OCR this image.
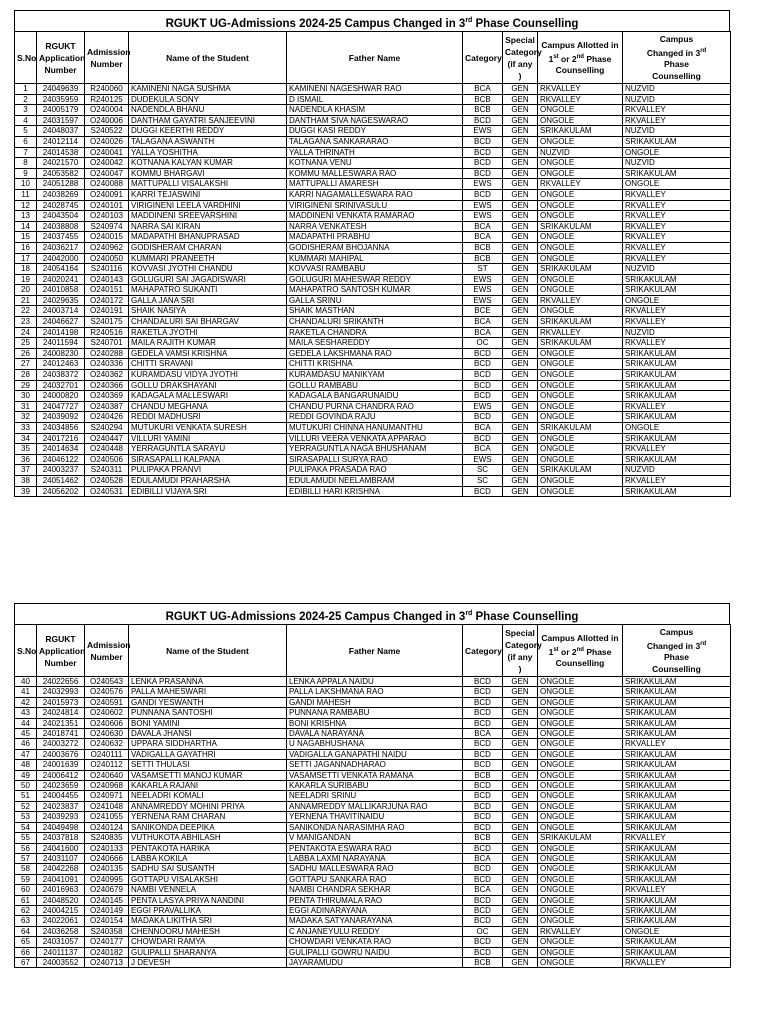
RGUKT UG-Admissions 2024-25 Campus Changed in 3rd Phase Counselling
S.No	RGUKT
Application
Number	Admission
Number	Name of the Student	Father Name	Category	Special
Category
(if any )	Campus Allotted in
1st or 2nd Phase
Counselling	Campus
Changed in 3rd
Phase
Counselling

1	24049639	R240060	KAMINENI NAGA SUSHMA	KAMINENI NAGESHWAR RAO	BCA	GEN	RKVALLEY	NUZVID
2	24035959	R240125	DUDEKULA SONY	D ISMAIL	BCB	GEN	RKVALLEY	NUZVID
3	24005179	O240004	NADENDLA BHANU	NADENDLA KHASIM	BCB	GEN	ONGOLE	RKVALLEY
4	24031597	O240006	DANTHAM GAYATRI SANJEEVINI	DANTHAM SIVA NAGESWARAO	BCD	GEN	ONGOLE	RKVALLEY
5	24048037	S240522	DUGGI KEERTHI REDDY	DUGGI KASI REDDY	EWS	GEN	SRIKAKULAM	NUZVID
6	24012114	O240026	TALAGANA ASWANTH	TALAGANA SANKARARAO	BCD	GEN	ONGOLE	SRIKAKULAM
7	24014538	O240041	YALLA YOSHITHA	YALLA THRINATH	BCD	GEN	NUZVID	ONGOLE
8	24021570	O240042	KOTNANA KALYAN KUMAR	KOTNANA VENU	BCD	GEN	ONGOLE	NUZVID
9	24053582	O240047	KOMMU BHARGAVI	KOMMU MALLESWARA RAO	BCD	GEN	ONGOLE	SRIKAKULAM
10	24051288	O240088	MATTUPALLI VISALAKSHI	MATTUPALLI AMARESH	EWS	GEN	RKVALLEY	ONGOLE
11	24038269	O240091	KARRI TEJASWINI	KARRI NAGAMALLESWARA RAO	BCD	GEN	ONGOLE	RKVALLEY
12	24028745	O240101	VIRIGINENI LEELA VARDHINI	VIRIGINENI SRINIVASULU	EWS	GEN	ONGOLE	RKVALLEY
13	24043504	O240103	MADDINENI SREEVARSHINI	MADDINENI VENKATA RAMARAO	EWS	GEN	ONGOLE	RKVALLEY
14	24038808	S240974	NARRA SAI KIRAN	NARRA VENKATESH	BCA	GEN	SRIKAKULAM	RKVALLEY
15	24037455	O240015	MADAPATHI BHANUPRASAD	MADAPATHI PRABHU	BCA	GEN	ONGOLE	RKVALLEY
16	24036217	O240962	GODISHERAM CHARAN	GODISHERAM BHOJANNA	BCB	GEN	ONGOLE	RKVALLEY
17	24042000	O240050	KUMMARI PRANEETH	KUMMARI MAHIPAL	BCB	GEN	ONGOLE	RKVALLEY
18	24054164	S240116	KOVVASI JYOTHI CHANDU	KOVVASI RAMBABU	ST	GEN	SRIKAKULAM	NUZVID
19	24020241	O240143	GOLUGURI SAI JAGADISWARI	GOLUGURI MAHESWAR REDDY	EWS	GEN	ONGOLE	SRIKAKULAM
20	24010858	O240151	MAHAPATRO SUKANTI	MAHAPATRO SANTOSH KUMAR	EWS	GEN	ONGOLE	SRIKAKULAM
21	24029635	O240172	GALLA JANA SRI	GALLA SRINU	EWS	GEN	RKVALLEY	ONGOLE
22	24003714	O240191	SHAIK NASIYA	SHAIK MASTHAN	BCE	GEN	ONGOLE	RKVALLEY
23	24046627	S240175	CHANDALURI SAI BHARGAV	CHANDALURI SRIKANTH	BCA	GEN	SRIKAKULAM	RKVALLEY
24	24014198	R240516	RAKETLA JYOTHI	RAKETLA CHANDRA	BCA	GEN	RKVALLEY	NUZVID
25	24011594	S240701	MAILA RAJITH KUMAR	MAILA SESHAREDDY	OC	GEN	SRIKAKULAM	RKVALLEY
26	24008230	O240288	GEDELA VAMSI KRISHNA	GEDELA LAKSHMANA RAO	BCD	GEN	ONGOLE	SRIKAKULAM
27	24012463	O240336	CHITTI SRAVANI	CHITTI KRISHNA	BCD	GEN	ONGOLE	SRIKAKULAM
28	24038372	O240362	KURAMDASU VIDYA JYOTHI	KURAMDASU MANIKYAM	BCD	GEN	ONGOLE	SRIKAKULAM
29	24032701	O240366	GOLLU DRAKSHAYANI	GOLLU RAMBABU	BCD	GEN	ONGOLE	SRIKAKULAM
30	24000820	O240369	KADAGALA MALLESWARI	KADAGALA BANGARUNAIDU	BCD	GEN	ONGOLE	SRIKAKULAM
31	24047727	O240387	CHANDU MEGHANA	CHANDU PURNA CHANDRA RAO	EWS	GEN	ONGOLE	RKVALLEY
32	24039092	O240426	REDDI MADHUSRI	REDDI GOVINDA RAJU	BCD	GEN	ONGOLE	SRIKAKULAM
33	24034856	S240294	MUTUKURI VENKATA SURESH	MUTUKURI CHINNA HANUMANTHU	BCA	GEN	SRIKAKULAM	ONGOLE
34	24017216	O240447	VILLURI YAMINI	VILLURI VEERA VENKATA APPARAO	BCD	GEN	ONGOLE	SRIKAKULAM
35	24014634	O240448	YERRAGUNTLA SARAYU	YERRAGUNTLA NAGA BHUSHANAM	BCA	GEN	ONGOLE	RKVALLEY
36	24046122	O240506	SIRASAPALLI KALPANA	SIRASAPALLI SURYA RAO	EWS	GEN	ONGOLE	SRIKAKULAM
37	24003237	S240311	PULIPAKA PRANVI	PULIPAKA PRASADA RAO	SC	GEN	SRIKAKULAM	NUZVID
38	24051462	O240528	EDULAMUDI PRAHARSHA	EDULAMUDI NEELAMBRAM	SC	GEN	ONGOLE	RKVALLEY
39	24056202	O240531	EDIBILLI VIJAYA SRI	EDIBILLI HARI KRISHNA	BCD	GEN	ONGOLE	SRIKAKULAM
RGUKT UG-Admissions 2024-25 Campus Changed in 3rd Phase Counselling
S.No	RGUKT
Application
Number	Admission
Number	Name of the Student	Father Name	Category	Special
Category
(if any )	Campus Allotted in
1st or 2nd Phase
Counselling	Campus
Changed in 3rd
Phase
Counselling

40	24022656	O240543	LENKA PRASANNA	LENKA APPALA NAIDU	BCD	GEN	ONGOLE	SRIKAKULAM
41	24032993	O240576	PALLA MAHESWARI	PALLA LAKSHMANA RAO	BCD	GEN	ONGOLE	SRIKAKULAM
42	24015973	O240591	GANDI YESWANTH	GANDI MAHESH	BCD	GEN	ONGOLE	SRIKAKULAM
43	24024814	O240602	PUNNANA SANTOSHI	PUNNANA RAMBABU	BCD	GEN	ONGOLE	SRIKAKULAM
44	24021351	O240606	BONI YAMINI	BONI KRISHNA	BCD	GEN	ONGOLE	SRIKAKULAM
45	24018741	O240630	DAVALA JHANSI	DAVALA NARAYANA	BCA	GEN	ONGOLE	SRIKAKULAM
46	24003272	O240632	UPPARA SIDDHARTHA	U NAGABHUSHANA	BCD	GEN	ONGOLE	RKVALLEY
47	24003676	O240111	VADIGALLA GAYATHRI	VADIGALLA GANAPATHI NAIDU	BCD	GEN	ONGOLE	SRIKAKULAM
48	24001639	O240112	SETTI THULASI	SETTI JAGANNADHARAO	BCD	GEN	ONGOLE	SRIKAKULAM
49	24006412	O240640	VASAMSETTI MANOJ KUMAR	VASAMSETTI VENKATA RAMANA	BCB	GEN	ONGOLE	SRIKAKULAM
50	24023659	O240968	KAKARLA RAJANI	KAKARLA SURIBABU	BCD	GEN	ONGOLE	SRIKAKULAM
51	24004455	O240971	NEELADRI KOMALI	NEELADRI SRINU	BCD	GEN	ONGOLE	SRIKAKULAM
52	24023837	O241048	ANNAMREDDY MOHINI PRIYA	ANNAMREDDY MALLIKARJUNA RAO	BCD	GEN	ONGOLE	SRIKAKULAM
53	24039293	O241055	YERNENA RAM CHARAN	YERNENA THAVITINAIDU	BCD	GEN	ONGOLE	SRIKAKULAM
54	24049498	O240124	SANIKONDA DEEPIKA	SANIKONDA NARASIMHA RAO	BCD	GEN	ONGOLE	SRIKAKULAM
55	24037818	S240835	VUTHUKOTA ABHILASH	V MANIGANDAN	BCB	GEN	SRIKAKULAM	RKVALLEY
56	24041600	O240133	PENTAKOTA HARIKA	PENTAKOTA ESWARA RAO	BCD	GEN	ONGOLE	SRIKAKULAM
57	24031107	O240666	LABBA KOKILA	LABBA LAXMI NARAYANA	BCA	GEN	ONGOLE	SRIKAKULAM
58	24042268	O240135	SADHU SAI SUSANTH	SADHU MALLESWARA RAO	BCD	GEN	ONGOLE	SRIKAKULAM
59	24041091	O240995	GOTTAPU VISALAKSHI	GOTTAPU SANKARA RAO	BCD	GEN	ONGOLE	SRIKAKULAM
60	24016963	O240679	NAMBI VENNELA	NAMBI CHANDRA SEKHAR	BCA	GEN	ONGOLE	RKVALLEY
61	24048520	O240145	PENTA LASYA PRIYA NANDINI	PENTA THIRUMALA RAO	BCD	GEN	ONGOLE	SRIKAKULAM
62	24004215	O240149	EGGI PRAVALLIKA	EGGI ADINARAYANA	BCD	GEN	ONGOLE	SRIKAKULAM
63	24022061	O240154	MADAKA LIKITHA SRI	MADAKA SATYANARAYANA	BCD	GEN	ONGOLE	SRIKAKULAM
64	24036258	S240358	CHENNOORU MAHESH	C ANJANEYULU REDDY	OC	GEN	RKVALLEY	ONGOLE
65	24031057	O240177	CHOWDARI RAMYA	CHOWDARI VENKATA RAO	BCD	GEN	ONGOLE	SRIKAKULAM
66	24011137	O240182	GULIPALLI SHARANYA	GULIPALLI GOWRU NAIDU	BCD	GEN	ONGOLE	SRIKAKULAM
67	24003552	O240713	J DEVESH	JAYARAMUDU	BCB	GEN	ONGOLE	RKVALLEY
